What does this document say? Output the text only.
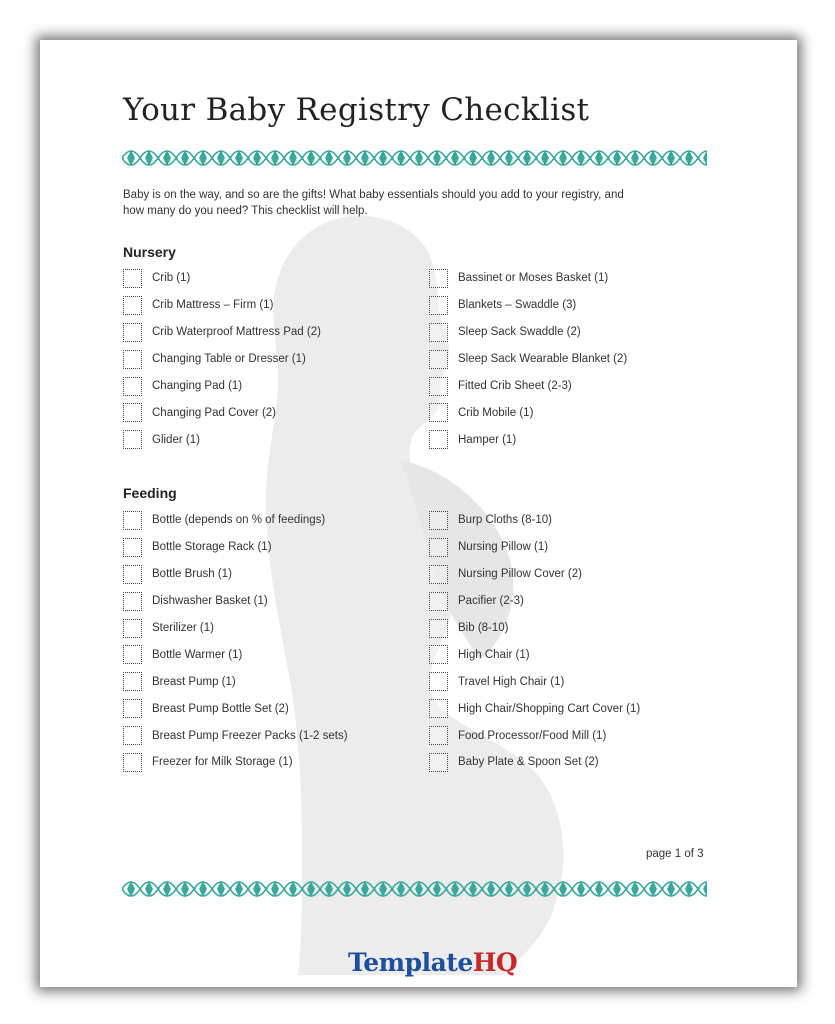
Your Baby Registry Checklist

Baby is on the way, and so are the gifts! What baby essentials should you add to your registry, and how many do you need? This checklist will help.

Nursery
Crib (1)
Crib Mattress – Firm (1)
Crib Waterproof Mattress Pad (2)
Changing Table or Dresser (1)
Changing Pad (1)
Changing Pad Cover (2)
Glider (1)
Bassinet or Moses Basket (1)
Blankets – Swaddle (3)
Sleep Sack Swaddle (2)
Sleep Sack Wearable Blanket (2)
Fitted Crib Sheet (2-3)
Crib Mobile (1)
Hamper (1)
Feeding
Bottle (depends on % of feedings)
Bottle Storage Rack (1)
Bottle Brush (1)
Dishwasher Basket (1)
Sterilizer (1)
Bottle Warmer (1)
Breast Pump (1)
Breast Pump Bottle Set (2)
Breast Pump Freezer Packs (1-2 sets)
Freezer for Milk Storage (1)
Burp Cloths (8-10)
Nursing Pillow (1)
Nursing Pillow Cover (2)
Pacifier (2-3)
Bib (8-10)
High Chair (1)
Travel High Chair (1)
High Chair/Shopping Cart Cover (1)
Food Processor/Food Mill (1)
Baby Plate & Spoon Set (2)
page 1 of 3
TemplateHQ
